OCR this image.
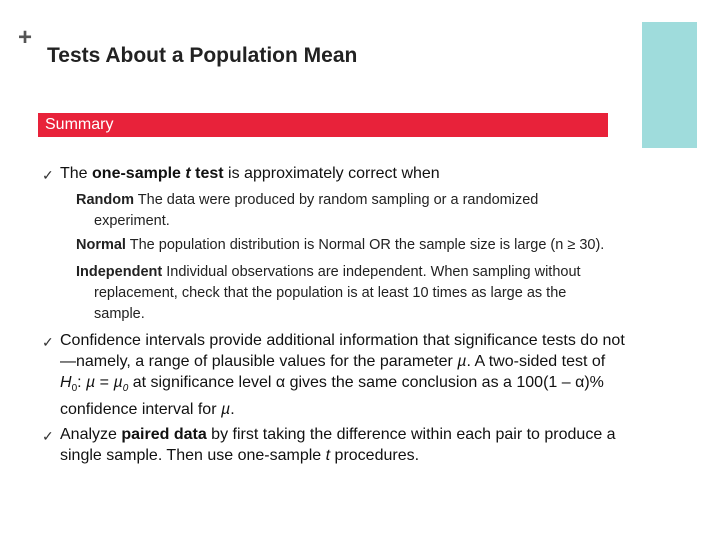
+
Tests About a Population Mean
Summary
✓ The one-sample t test is approximately correct when
Random The data were produced by random sampling or a randomized
experiment.
Normal The population distribution is Normal OR the sample size is large (n ≥ 30).
Independent Individual observations are independent. When sampling without
replacement, check that the population is at least 10 times as large as the
sample.
✓ Confidence intervals provide additional information that significance tests do not
—namely, a range of plausible values for the parameter µ. A two-sided test of
$H_0$: µ = µ$_0$ at significance level α gives the same conclusion as a 100(1 – α)%
confidence interval for µ.
✓ Analyze paired data by first taking the difference within each pair to produce a
single sample. Then use one-sample t procedures.
